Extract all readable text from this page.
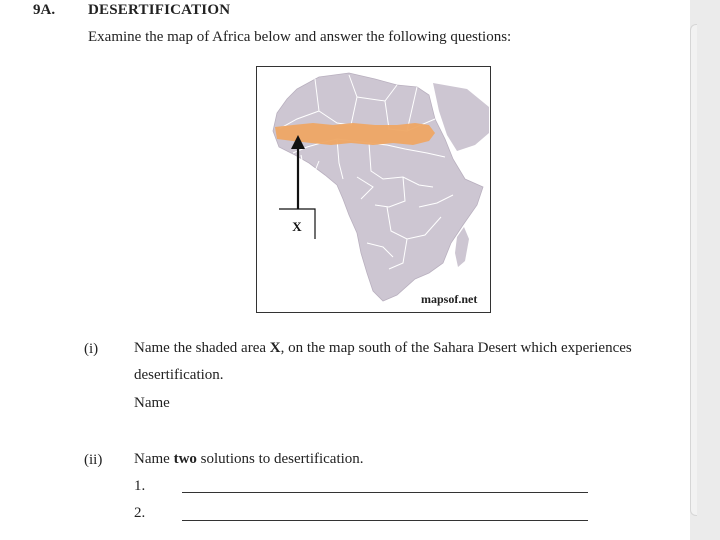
9A. DESERTIFICATION
Examine the map of Africa below and answer the following questions:
X
mapsof.net
(i) Name the shaded area X, on the map south of the Sahara Desert which experiences
desertification.
Name
(ii) Name two solutions to desertification.
1.
2.
